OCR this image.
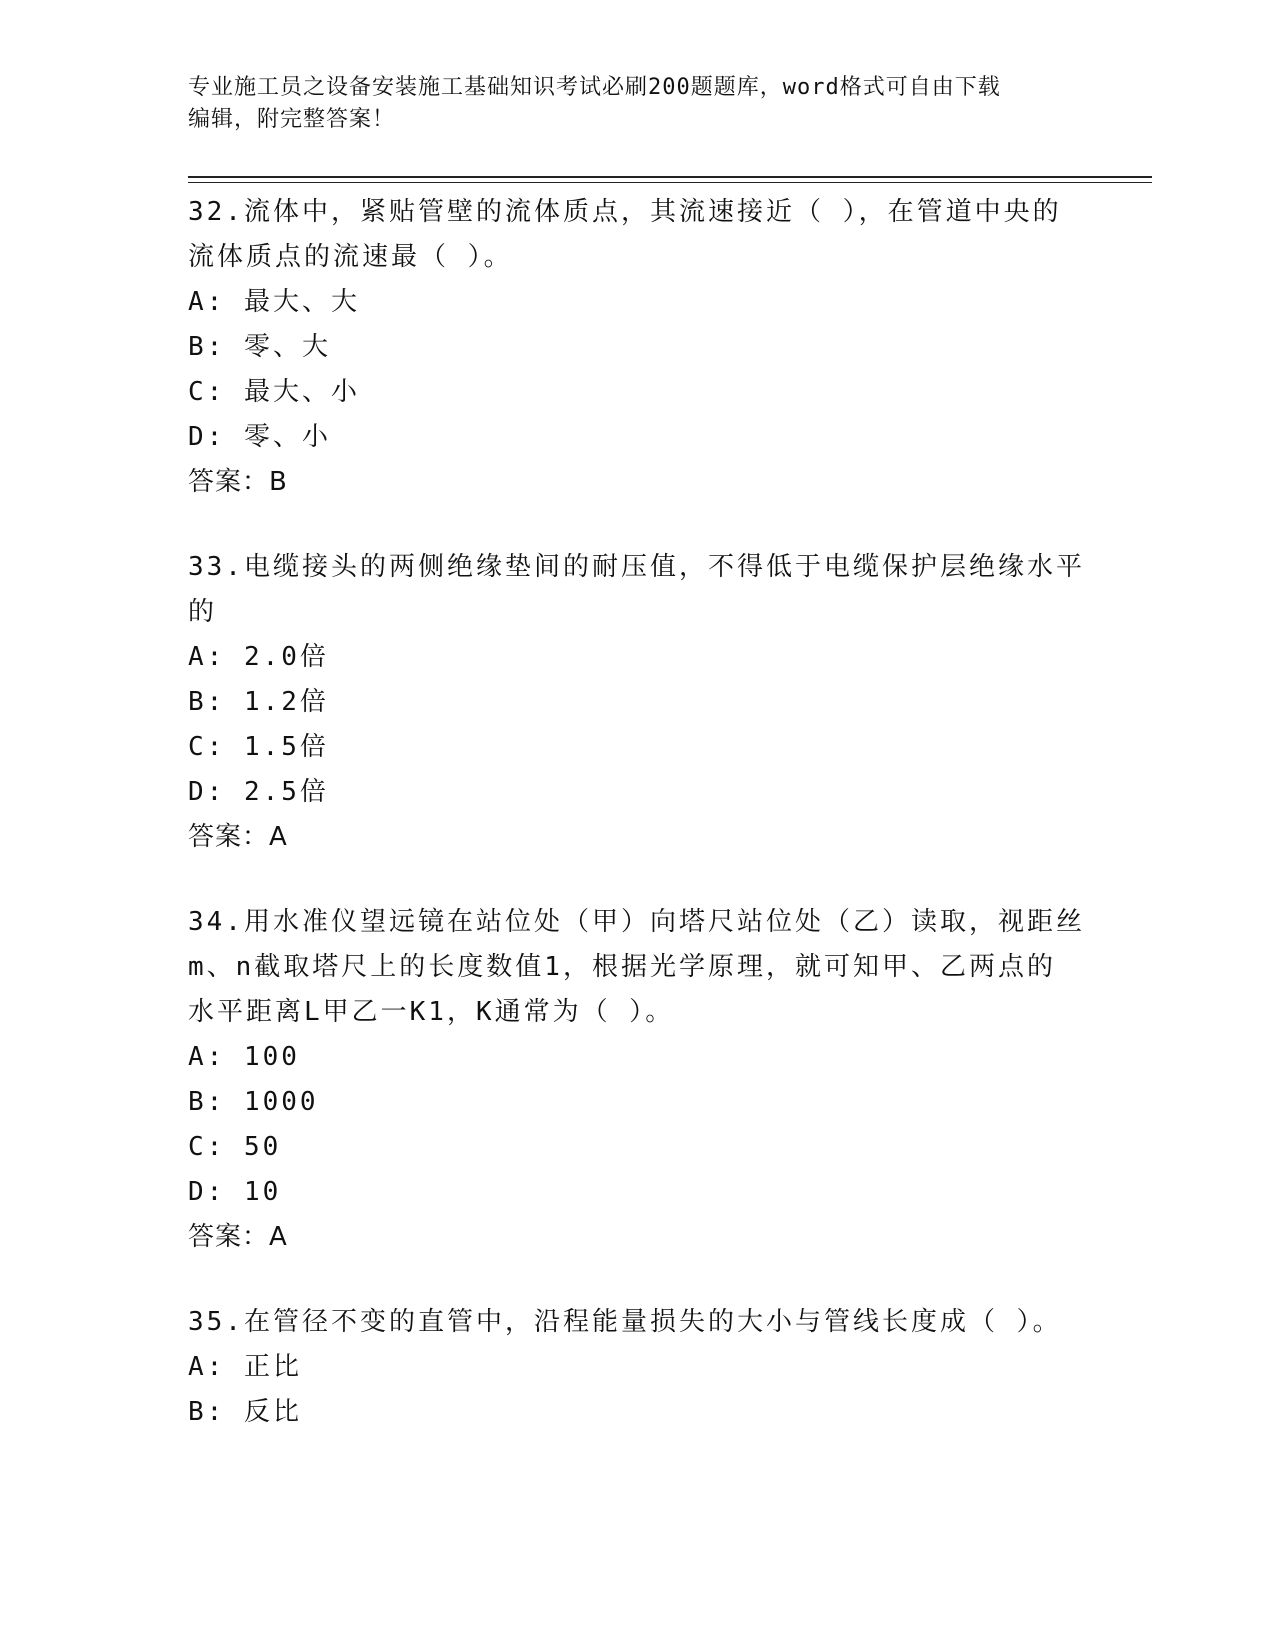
专业施工员之设备安装施工基础知识考试必刷200题题库，word格式可自由下载
编辑，附完整答案！
32.流体中，紧贴管壁的流体质点，其流速接近（ ），在管道中央的
流体质点的流速最（ ）。
A: 最大、大
B: 零、大
C: 最大、小
D: 零、小
答案：B
33.电缆接头的两侧绝缘垫间的耐压值，不得低于电缆保护层绝缘水平
的
A: 2.0倍
B: 1.2倍
C: 1.5倍
D: 2.5倍
答案：A
34.用水准仪望远镜在站位处（甲）向塔尺站位处（乙）读取，视距丝
m、n截取塔尺上的长度数值1，根据光学原理，就可知甲、乙两点的
水平距离L甲乙一K1，K通常为（ ）。
A: 100
B: 1000
C: 50
D: 10
答案：A
35.在管径不变的直管中，沿程能量损失的大小与管线长度成（ ）。
A: 正比
B: 反比
